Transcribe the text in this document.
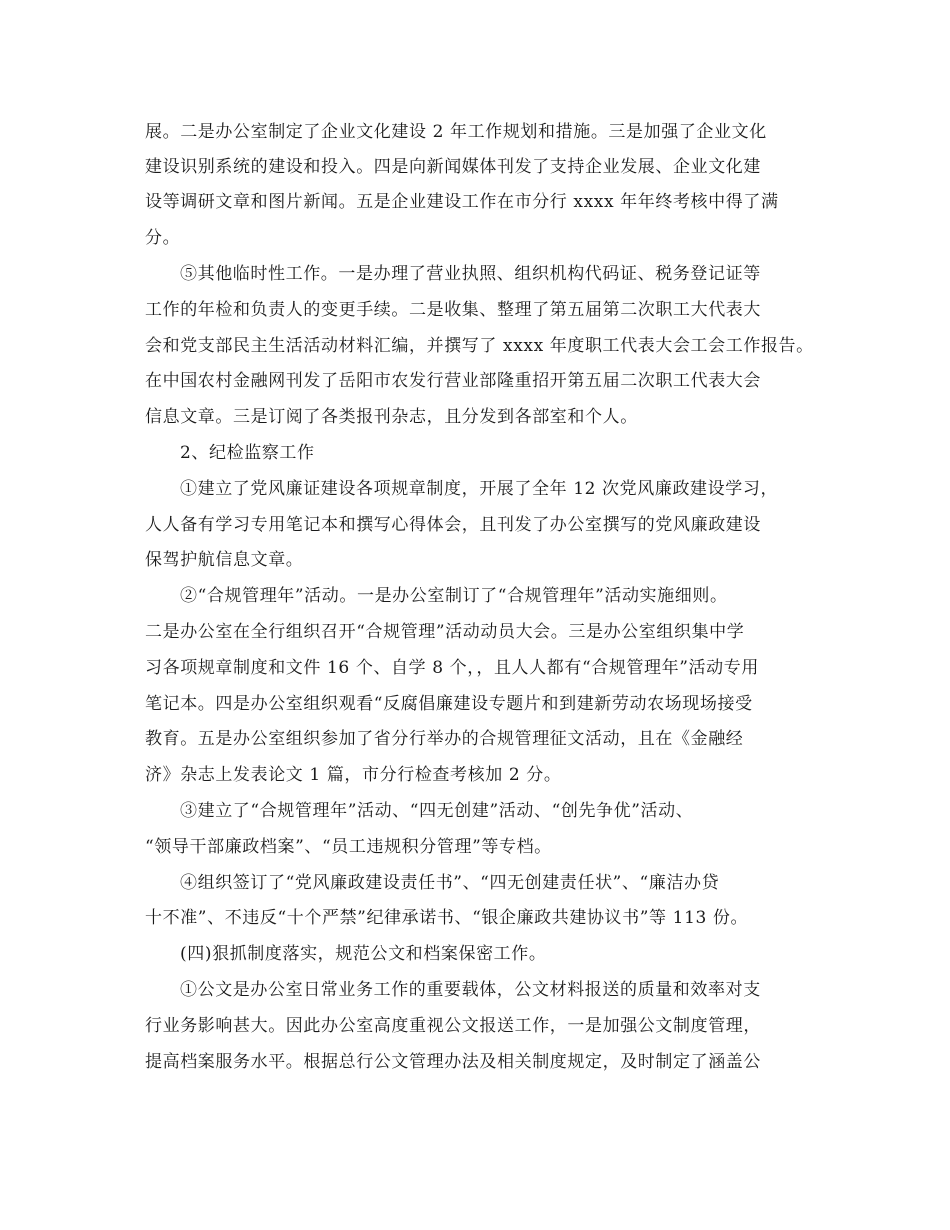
展。二是办公室制定了企业文化建设 2 年工作规划和措施。三是加强了企业文化
建设识别系统的建设和投入。四是向新闻媒体刊发了支持企业发展、企业文化建
设等调研文章和图片新闻。五是企业建设工作在市分行 xxxx 年年终考核中得了满
分。
⑤其他临时性工作。一是办理了营业执照、组织机构代码证、税务登记证等
工作的年检和负责人的变更手续。二是收集、整理了第五届第二次职工大代表大
会和党支部民主生活活动材料汇编，并撰写了 xxxx 年度职工代表大会工会工作报告。
在中国农村金融网刊发了岳阳市农发行营业部隆重招开第五届二次职工代表大会
信息文章。三是订阅了各类报刊杂志，且分发到各部室和个人。
2、纪检监察工作
①建立了党风廉证建设各项规章制度，开展了全年 12 次党风廉政建设学习，
人人备有学习专用笔记本和撰写心得体会，且刊发了办公室撰写的党风廉政建设
保驾护航信息文章。
②“合规管理年”活动。一是办公室制订了“合规管理年”活动实施细则。
二是办公室在全行组织召开“合规管理”活动动员大会。三是办公室组织集中学
习各项规章制度和文件 16 个、自学 8 个，，且人人都有“合规管理年”活动专用
笔记本。四是办公室组织观看“反腐倡廉建设专题片和到建新劳动农场现场接受
教育。五是办公室组织参加了省分行举办的合规管理征文活动，且在《金融经
济》杂志上发表论文 1 篇，市分行检查考核加 2 分。
③建立了“合规管理年”活动、“四无创建”活动、“创先争优”活动、
“领导干部廉政档案”、“员工违规积分管理”等专档。
④组织签订了“党风廉政建设责任书”、“四无创建责任状”、“廉洁办贷
十不准”、不违反“十个严禁”纪律承诺书、“银企廉政共建协议书”等 113 份。
(四)狠抓制度落实，规范公文和档案保密工作。
①公文是办公室日常业务工作的重要载体，公文材料报送的质量和效率对支
行业务影响甚大。因此办公室高度重视公文报送工作，一是加强公文制度管理，
提高档案服务水平。根据总行公文管理办法及相关制度规定，及时制定了涵盖公
